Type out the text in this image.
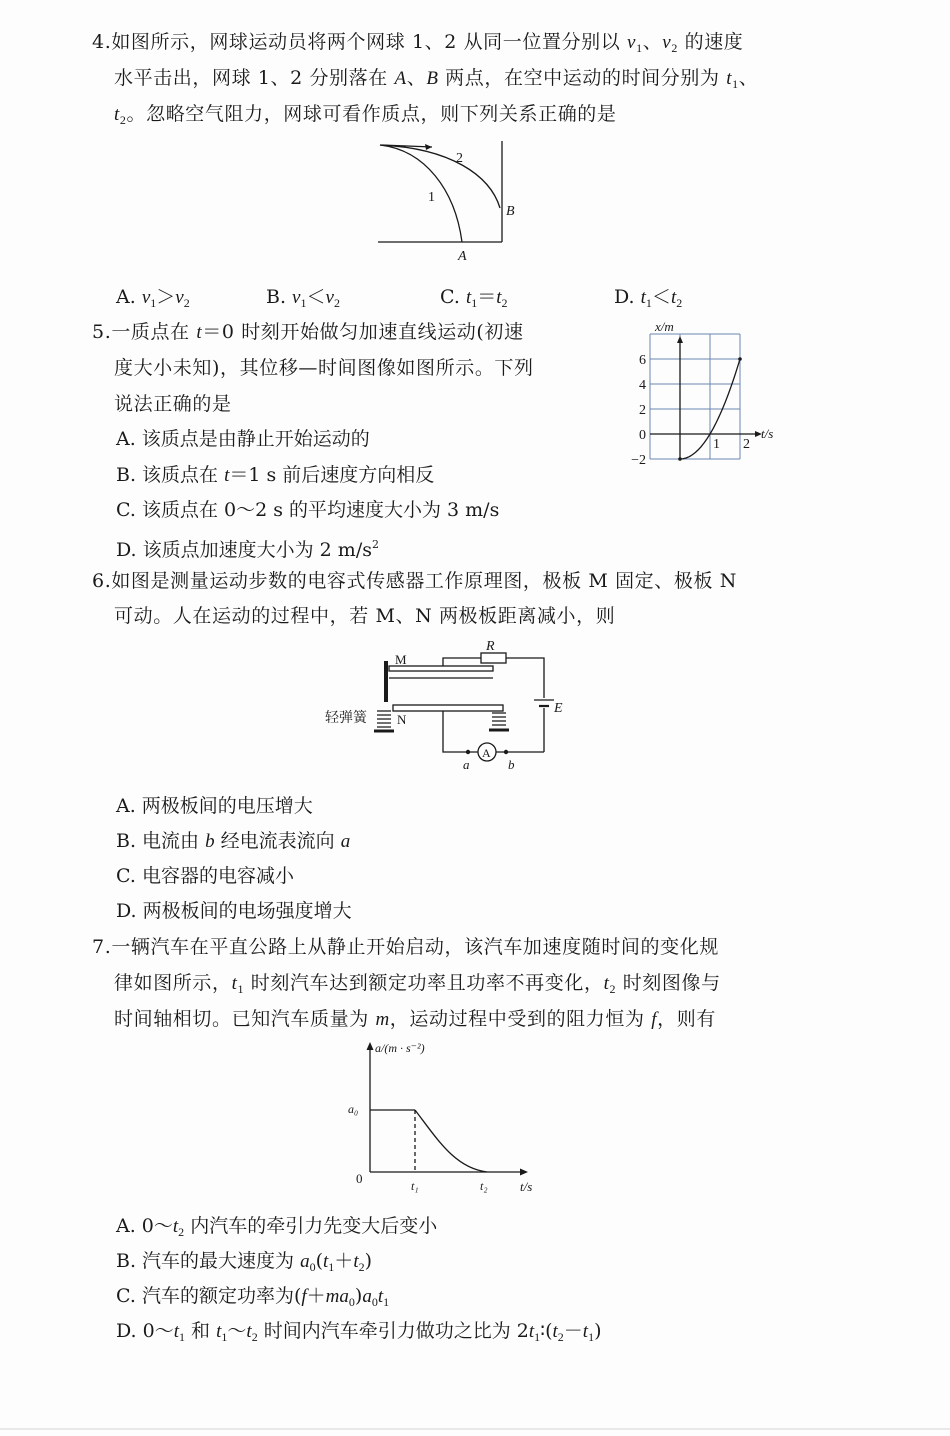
4.如图所示，网球运动员将两个网球 1、2 从同一位置分别以 $v_1$、$v_2$ 的速度
水平击出，网球 1、2 分别落在 A、B 两点，在空中运动的时间分别为 $t_1$、
$t_2$。忽略空气阻力，网球可看作质点，则下列关系正确的是
2
1
B
A
A. $v_1>v_2$	B. $v_1<v_2$	C. $t_1=t_2$	D. $t_1<t_2$
5.一质点在 t＝0 时刻开始做匀加速直线运动(初速
度大小未知)，其位移—时间图像如图所示。下列
说法正确的是
A. 该质点是由静止开始运动的
B. 该质点在 t＝1 s 前后速度方向相反
C. 该质点在 0～2 s 的平均速度大小为 3 m/s
D. 该质点加速度大小为 2 $m/s^2$
−2
0
2
4
6
1 2
x/m
t/s
6.如图是测量运动步数的电容式传感器工作原理图，极板 M 固定、极板 N
可动。人在运动的过程中，若 M、N 两极板距离减小，则
M
R
E
N
轻弹簧
A
a	b
A. 两极板间的电压增大
B. 电流由 b 经电流表流向 a
C. 电容器的电容减小
D. 两极板间的电场强度增大
7.一辆汽车在平直公路上从静止开始启动，该汽车加速度随时间的变化规
律如图所示，$t_1$ 时刻汽车达到额定功率且功率不再变化，$t_2$ 时刻图像与
时间轴相切。已知汽车质量为 m，运动过程中受到的阻力恒为 f，则有
a/(m · s⁻²)
t/s
a₀
0	t₁	t₂
A. $0\sim t_2$ 内汽车的牵引力先变大后变小
B. 汽车的最大速度为 $a_0(t_1+t_2)$
C. 汽车的额定功率为$(f+ma_0)a_0t_1$
D. $0\sim t_1$ 和 $t_1\sim t_2$ 时间内汽车牵引力做功之比为 $2t_1∶(t_2-t_1)$
